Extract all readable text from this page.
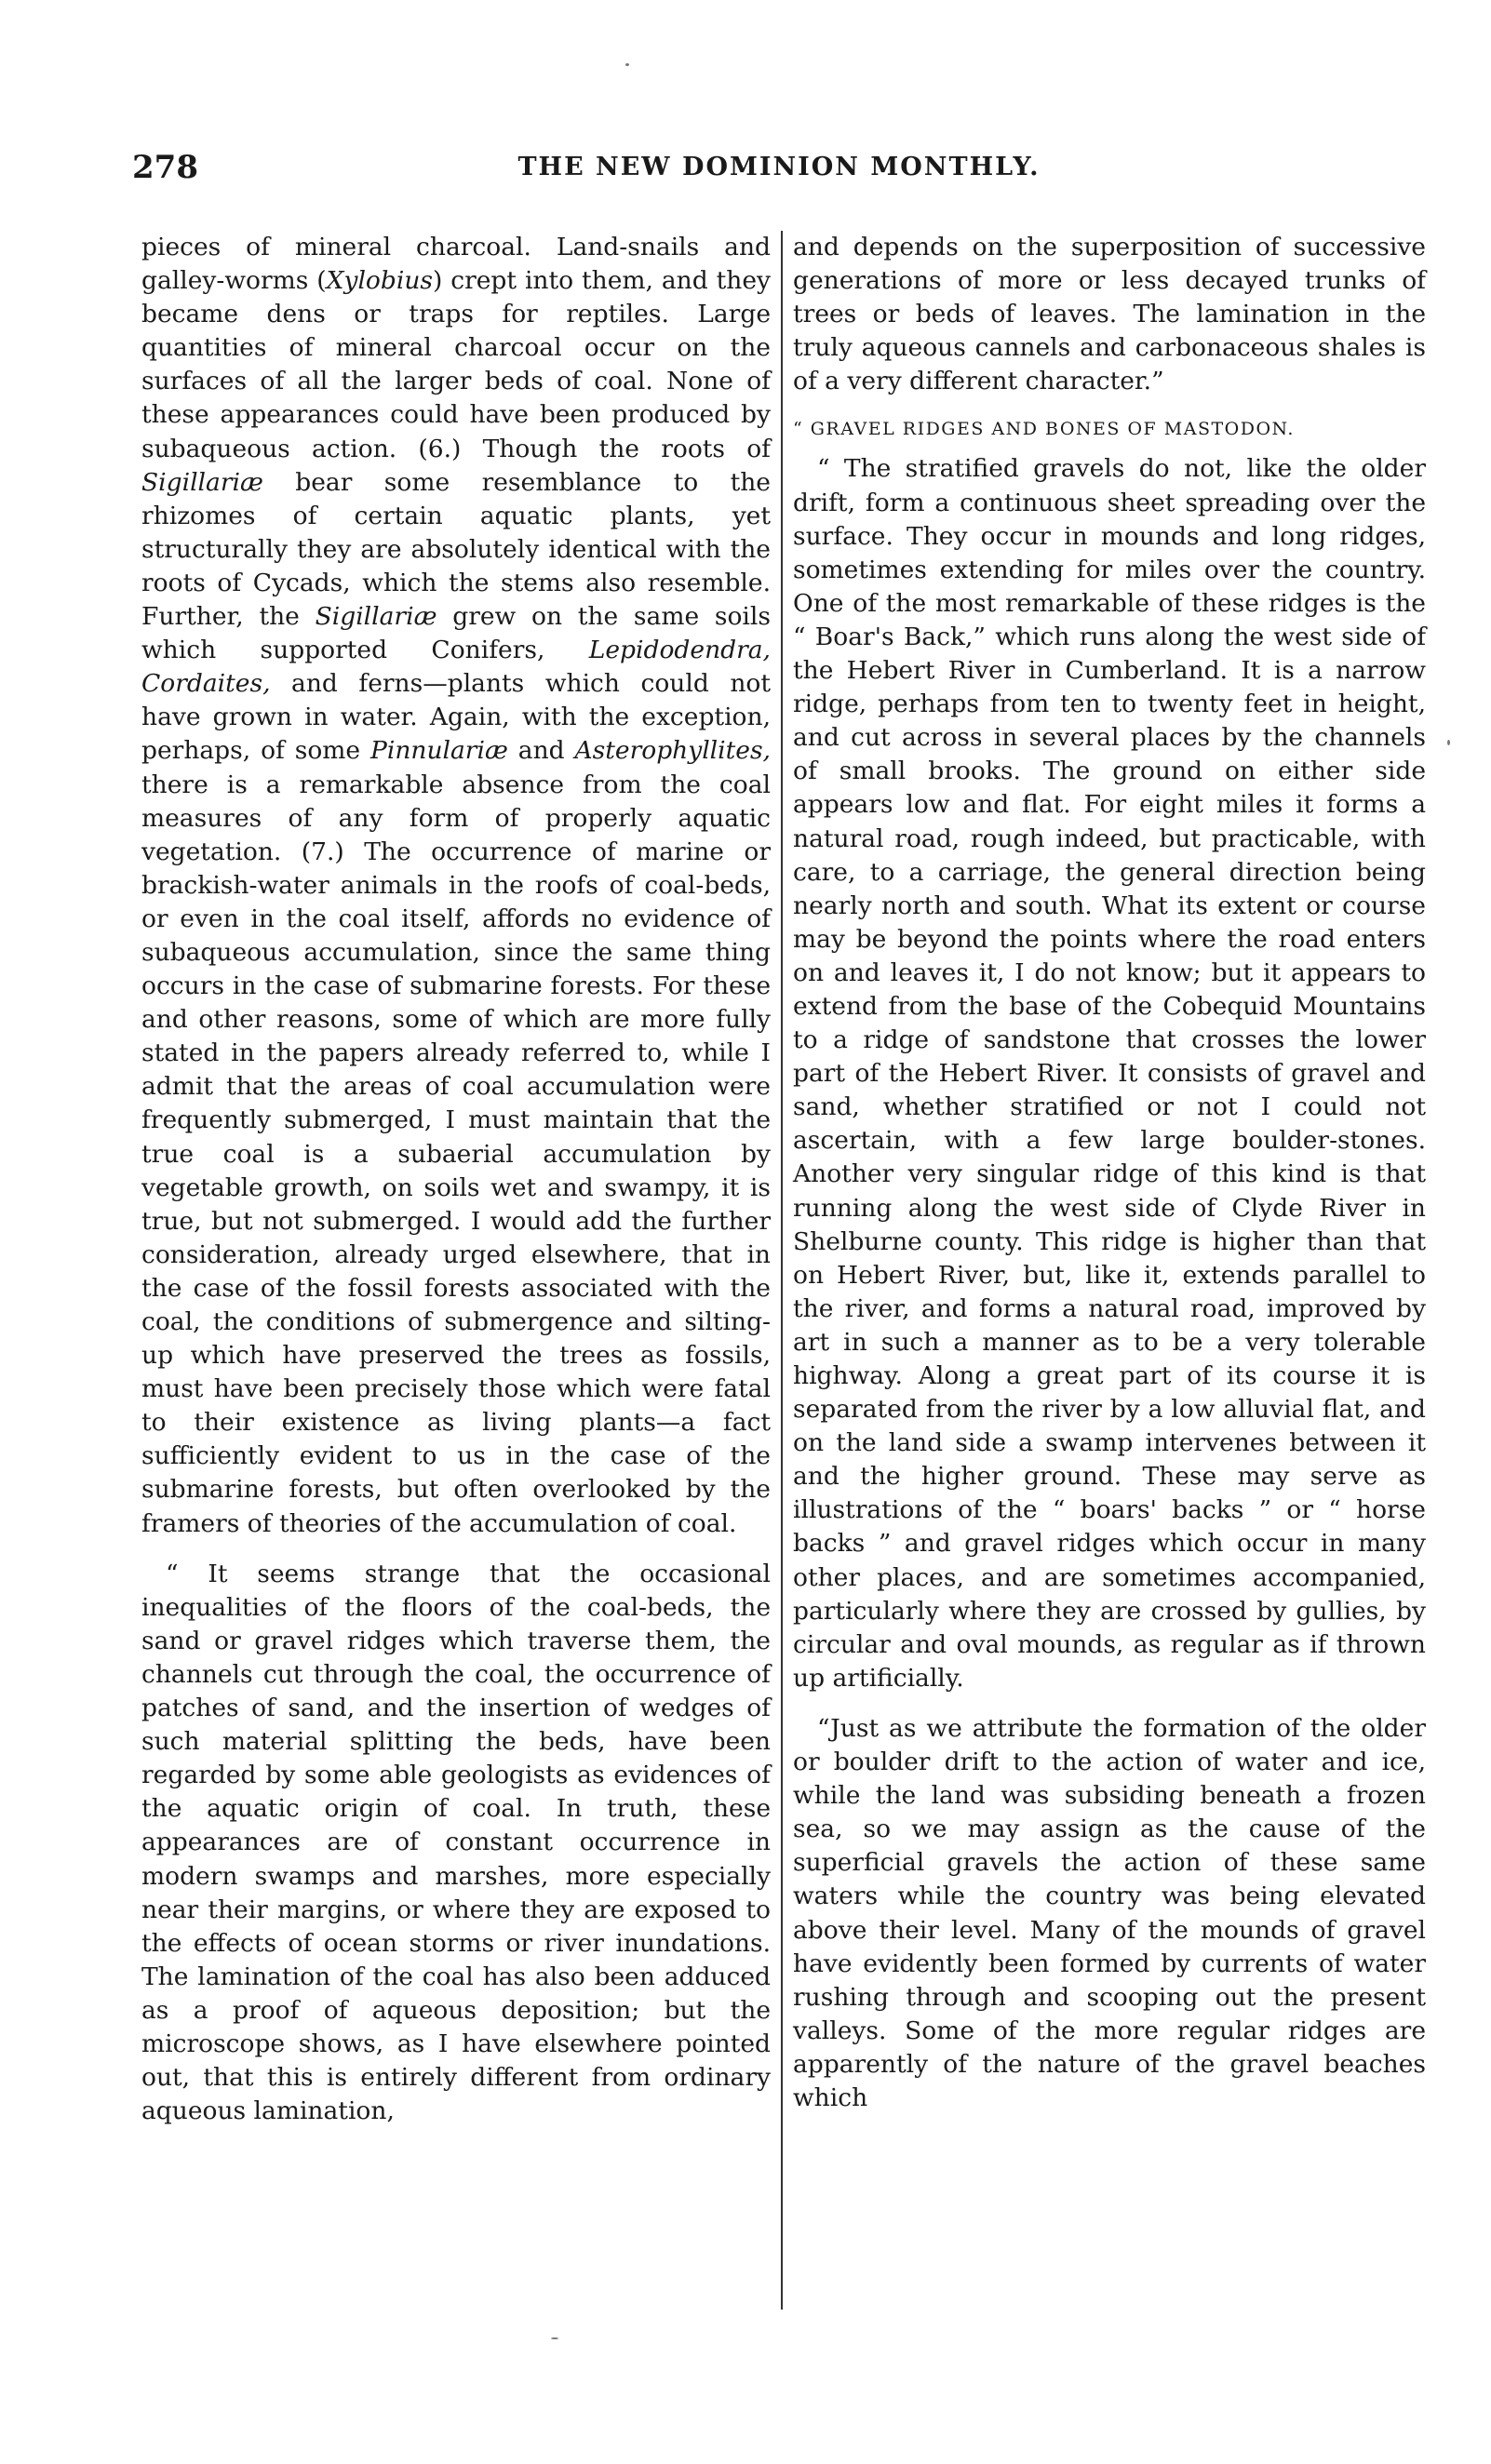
278	THE NEW DOMINION MONTHLY.

pieces of mineral charcoal. Land-snails and galley-worms (Xylobius) crept into them, and they became dens or traps for reptiles. Large quantities of mineral charcoal occur on the surfaces of all the larger beds of coal. None of these appearances could have been produced by subaqueous action. (6.) Though the roots of Sigillariæ bear some resemblance to the rhizomes of certain aquatic plants, yet structurally they are absolutely identical with the roots of Cycads, which the stems also resemble. Further, the Sigillariæ grew on the same soils which supported Conifers, Lepidodendra, Cordaites, and ferns—plants which could not have grown in water. Again, with the exception, perhaps, of some Pinnulariæ and Asterophyllites, there is a remarkable absence from the coal measures of any form of properly aquatic vegetation. (7.) The occurrence of marine or brackish-water animals in the roofs of coal-beds, or even in the coal itself, affords no evidence of subaqueous accumulation, since the same thing occurs in the case of submarine forests. For these and other reasons, some of which are more fully stated in the papers already referred to, while I admit that the areas of coal accumulation were frequently submerged, I must maintain that the true coal is a subaerial accumulation by vegetable growth, on soils wet and swampy, it is true, but not submerged. I would add the further consideration, already urged elsewhere, that in the case of the fossil forests associated with the coal, the conditions of submergence and silting-up which have preserved the trees as fossils, must have been precisely those which were fatal to their existence as living plants—a fact sufficiently evident to us in the case of the submarine forests, but often overlooked by the framers of theories of the accumulation of coal.

“ It seems strange that the occasional inequalities of the floors of the coal-beds, the sand or gravel ridges which traverse them, the channels cut through the coal, the occurrence of patches of sand, and the insertion of wedges of such material splitting the beds, have been regarded by some able geologists as evidences of the aquatic origin of coal. In truth, these appearances are of constant occurrence in modern swamps and marshes, more especially near their margins, or where they are exposed to the effects of ocean storms or river inundations. The lamination of the coal has also been adduced as a proof of aqueous deposition; but the microscope shows, as I have elsewhere pointed out, that this is entirely different from ordinary aqueous lamination,

and depends on the superposition of successive generations of more or less decayed trunks of trees or beds of leaves. The lamination in the truly aqueous cannels and carbonaceous shales is of a very different character.”

“ GRAVEL RIDGES AND BONES OF MASTODON.

“ The stratified gravels do not, like the older drift, form a continuous sheet spreading over the surface. They occur in mounds and long ridges, sometimes extending for miles over the country. One of the most remarkable of these ridges is the “ Boar's Back,” which runs along the west side of the Hebert River in Cumberland. It is a narrow ridge, perhaps from ten to twenty feet in height, and cut across in several places by the channels of small brooks. The ground on either side appears low and flat. For eight miles it forms a natural road, rough indeed, but practicable, with care, to a carriage, the general direction being nearly north and south. What its extent or course may be beyond the points where the road enters on and leaves it, I do not know; but it appears to extend from the base of the Cobequid Mountains to a ridge of sandstone that crosses the lower part of the Hebert River. It consists of gravel and sand, whether stratified or not I could not ascertain, with a few large boulder-stones. Another very singular ridge of this kind is that running along the west side of Clyde River in Shelburne county. This ridge is higher than that on Hebert River, but, like it, extends parallel to the river, and forms a natural road, improved by art in such a manner as to be a very tolerable highway. Along a great part of its course it is separated from the river by a low alluvial flat, and on the land side a swamp intervenes between it and the higher ground. These may serve as illustrations of the “ boars' backs ” or “ horse backs ” and gravel ridges which occur in many other places, and are sometimes accompanied, particularly where they are crossed by gullies, by circular and oval mounds, as regular as if thrown up artificially.

“Just as we attribute the formation of the older or boulder drift to the action of water and ice, while the land was subsiding beneath a frozen sea, so we may assign as the cause of the superficial gravels the action of these same waters while the country was being elevated above their level. Many of the mounds of gravel have evidently been formed by currents of water rushing through and scooping out the present valleys. Some of the more regular ridges are apparently of the nature of the gravel beaches which
